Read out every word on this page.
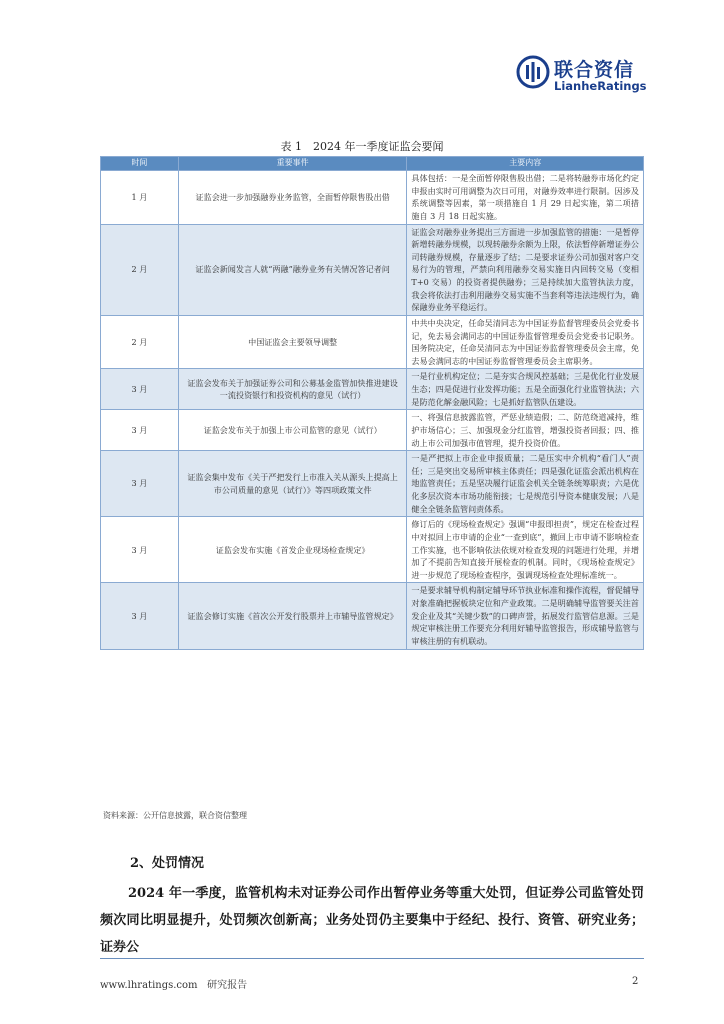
联合资信
LianheRatings
表 1　2024 年一季度证监会要闻
时间	重要事件	主要内容
1 月	证监会进一步加强融券业务监管，全面暂停限售股出借	具体包括：一是全面暂停限售股出借；二是将转融券市场化约定申报由实时可用调整为次日可用，对融券效率进行限制。因涉及系统调整等因素，第一项措施自 1 月 29 日起实施，第二项措施自 3 月 18 日起实施。
2 月	证监会新闻发言人就“两融”融券业务有关情况答记者问	证监会对融券业务提出三方面进一步加强监管的措施：一是暂停新增转融券规模，以现转融券余额为上限，依法暂停新增证券公司转融券规模，存量逐步了结；二是要求证券公司加强对客户交易行为的管理，严禁向利用融券交易实施日内回转交易（变相 T+0 交易）的投资者提供融券；三是持续加大监管执法力度，我会将依法打击利用融券交易实施不当套利等违法违规行为，确保融券业务平稳运行。
2 月	中国证监会主要领导调整	中共中央决定，任命吴清同志为中国证券监督管理委员会党委书记，免去易会满同志的中国证券监督管理委员会党委书记职务。国务院决定，任命吴清同志为中国证券监督管理委员会主席，免去易会满同志的中国证券监督管理委员会主席职务。
3 月	证监会发布关于加强证券公司和公募基金监管加快推进建设一流投资银行和投资机构的意见（试行）	一是行业机构定位；二是夯实合规风控基础；三是优化行业发展生态；四是促进行业发挥功能；五是全面强化行业监管执法；六是防范化解金融风险；七是抓好监管队伍建设。
3 月	证监会发布关于加强上市公司监管的意见（试行）	一、将强信息披露监管，严惩业绩造假；二、防范绕道减持，维护市场信心；三、加强现金分红监管，增强投资者回报；四、推动上市公司加强市值管理，提升投资价值。
3 月	证监会集中发布《关于严把发行上市准入关从源头上提高上市公司质量的意见（试行）》等四项政策文件	一是严把拟上市企业申报质量；二是压实中介机构“看门人”责任；三是突出交易所审核主体责任；四是强化证监会派出机构在地监管责任；五是坚决履行证监会机关全链条统筹职责；六是优化多层次资本市场功能衔接；七是规范引导资本健康发展；八是健全全链条监管问责体系。
3 月	证监会发布实施《首发企业现场检查规定》	修订后的《现场检查规定》强调“申报即担责”，规定在检查过程中对拟回上市申请的企业“一查到底”，撤回上市申请不影响检查工作实施，也不影响依法依规对检查发现的问题进行处理，并增加了不提前告知直接开展检查的机制。同时，《现场检查规定》进一步规范了现场检查程序，强调现场检查处理标准统一。
3 月	证监会修订实施《首次公开发行股票并上市辅导监管规定》	一是要求辅导机构制定辅导环节执业标准和操作流程，督促辅导对象准确把握板块定位和产业政策。二是明确辅导监管要关注首发企业及其“关键少数”的口碑声誉，拓展发行监管信息源。三是规定审核注册工作要充分利用好辅导监管报告，形成辅导监管与审核注册的有机联动。
资料来源：公开信息披露，联合资信整理
2、处罚情况
2024 年一季度，监管机构未对证券公司作出暂停业务等重大处罚，但证券公司监管处罚频次同比明显提升，处罚频次创新高；业务处罚仍主要集中于经纪、投行、资管、研究业务；证券公
www.lhratings.com 研究报告	2
